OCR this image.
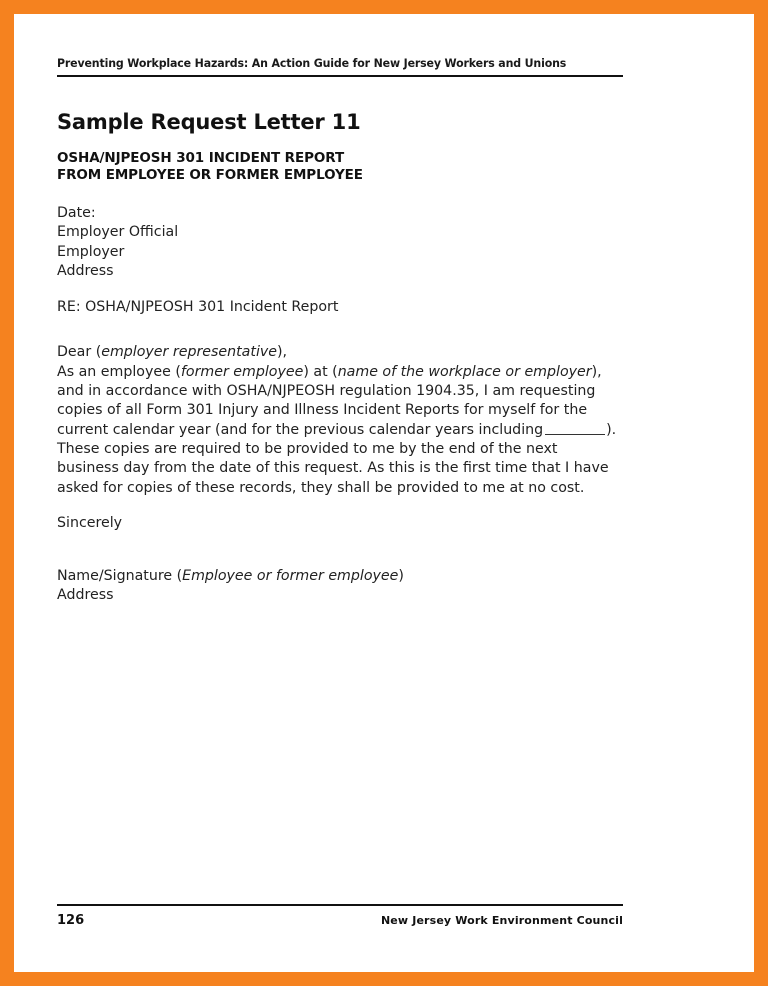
Preventing Workplace Hazards: An Action Guide for New Jersey Workers and Unions
Sample Request Letter 11
OSHA/NJPEOSH 301 INCIDENT REPORT
FROM EMPLOYEE OR FORMER EMPLOYEE

Date:

Employer Official
Employer
Address

RE: OSHA/NJPEOSH 301 Incident Report

Dear (employer representative),

As an employee (former employee) at (name of the workplace or employer), and in accordance with OSHA/NJPEOSH regulation 1904.35, I am requesting copies of all Form 301 Injury and Illness Incident Reports for myself for the current calendar year (and for the previous calendar years including	).

These copies are required to be provided to me by the end of the next business day from the date of this request. As this is the first time that I have asked for copies of these records, they shall be provided to me at no cost.

Sincerely

Name/Signature (Employee or former employee)
Address

126	New Jersey Work Environment Council
